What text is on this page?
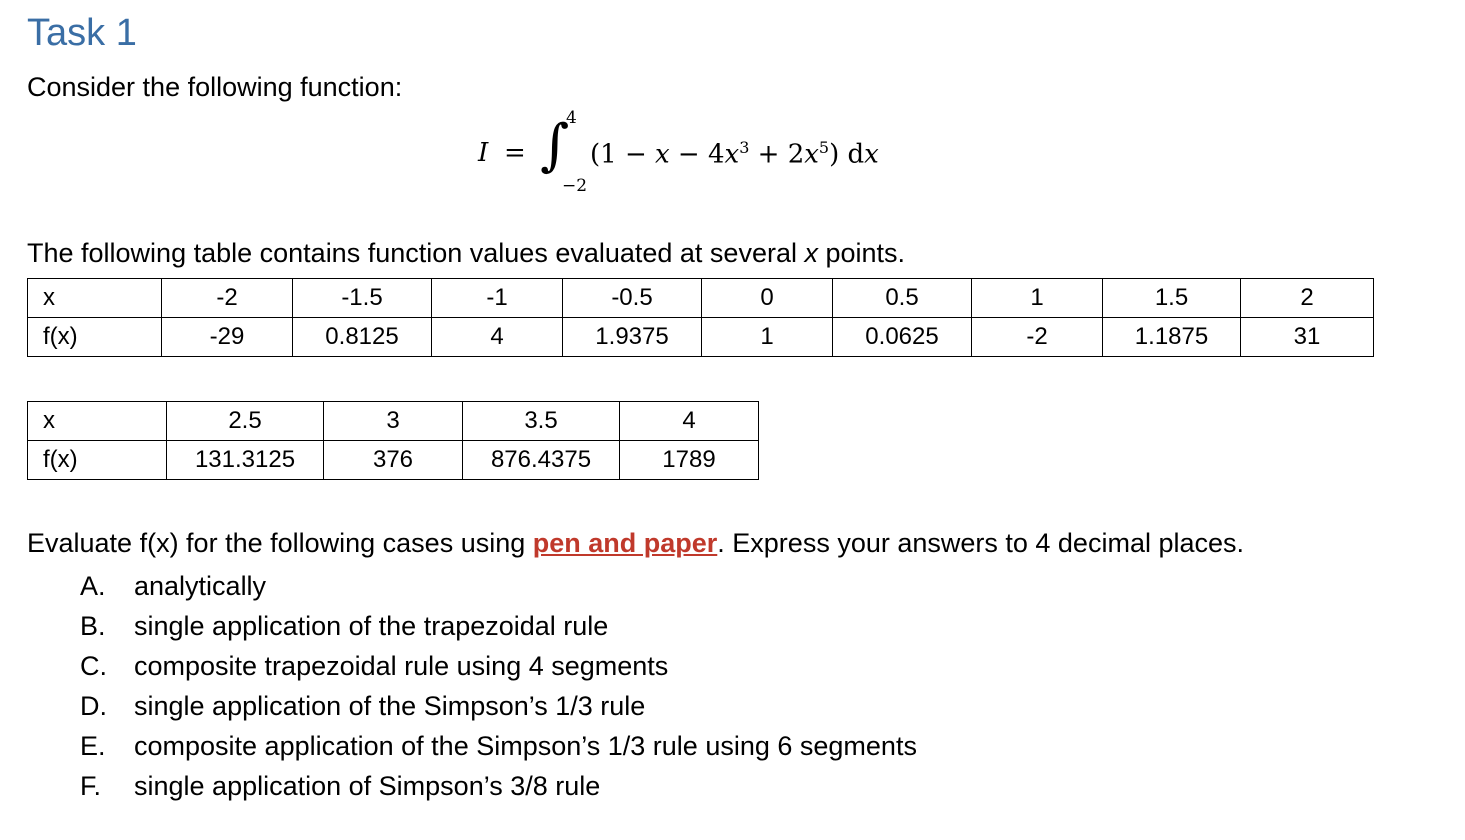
Task 1
Consider the following function:
I = ∫
4
−2
$(1 - x - 4x^3 + 2x^5)$ dx
The following table contains function values evaluated at several x points.
x	-2	-1.5	-1	-0.5	0	0.5	1	1.5	2
f(x)	-29	0.8125	4	1.9375	1	0.0625	-2	1.1875	31
x	2.5	3	3.5	4
f(x)	131.3125	376	876.4375	1789
Evaluate f(x) for the following cases using pen and paper. Express your answers to 4 decimal places.
A. analytically
B. single application of the trapezoidal rule
C. composite trapezoidal rule using 4 segments
D. single application of the Simpson’s 1/3 rule
E. composite application of the Simpson’s 1/3 rule using 6 segments
F. single application of Simpson’s 3/8 rule
